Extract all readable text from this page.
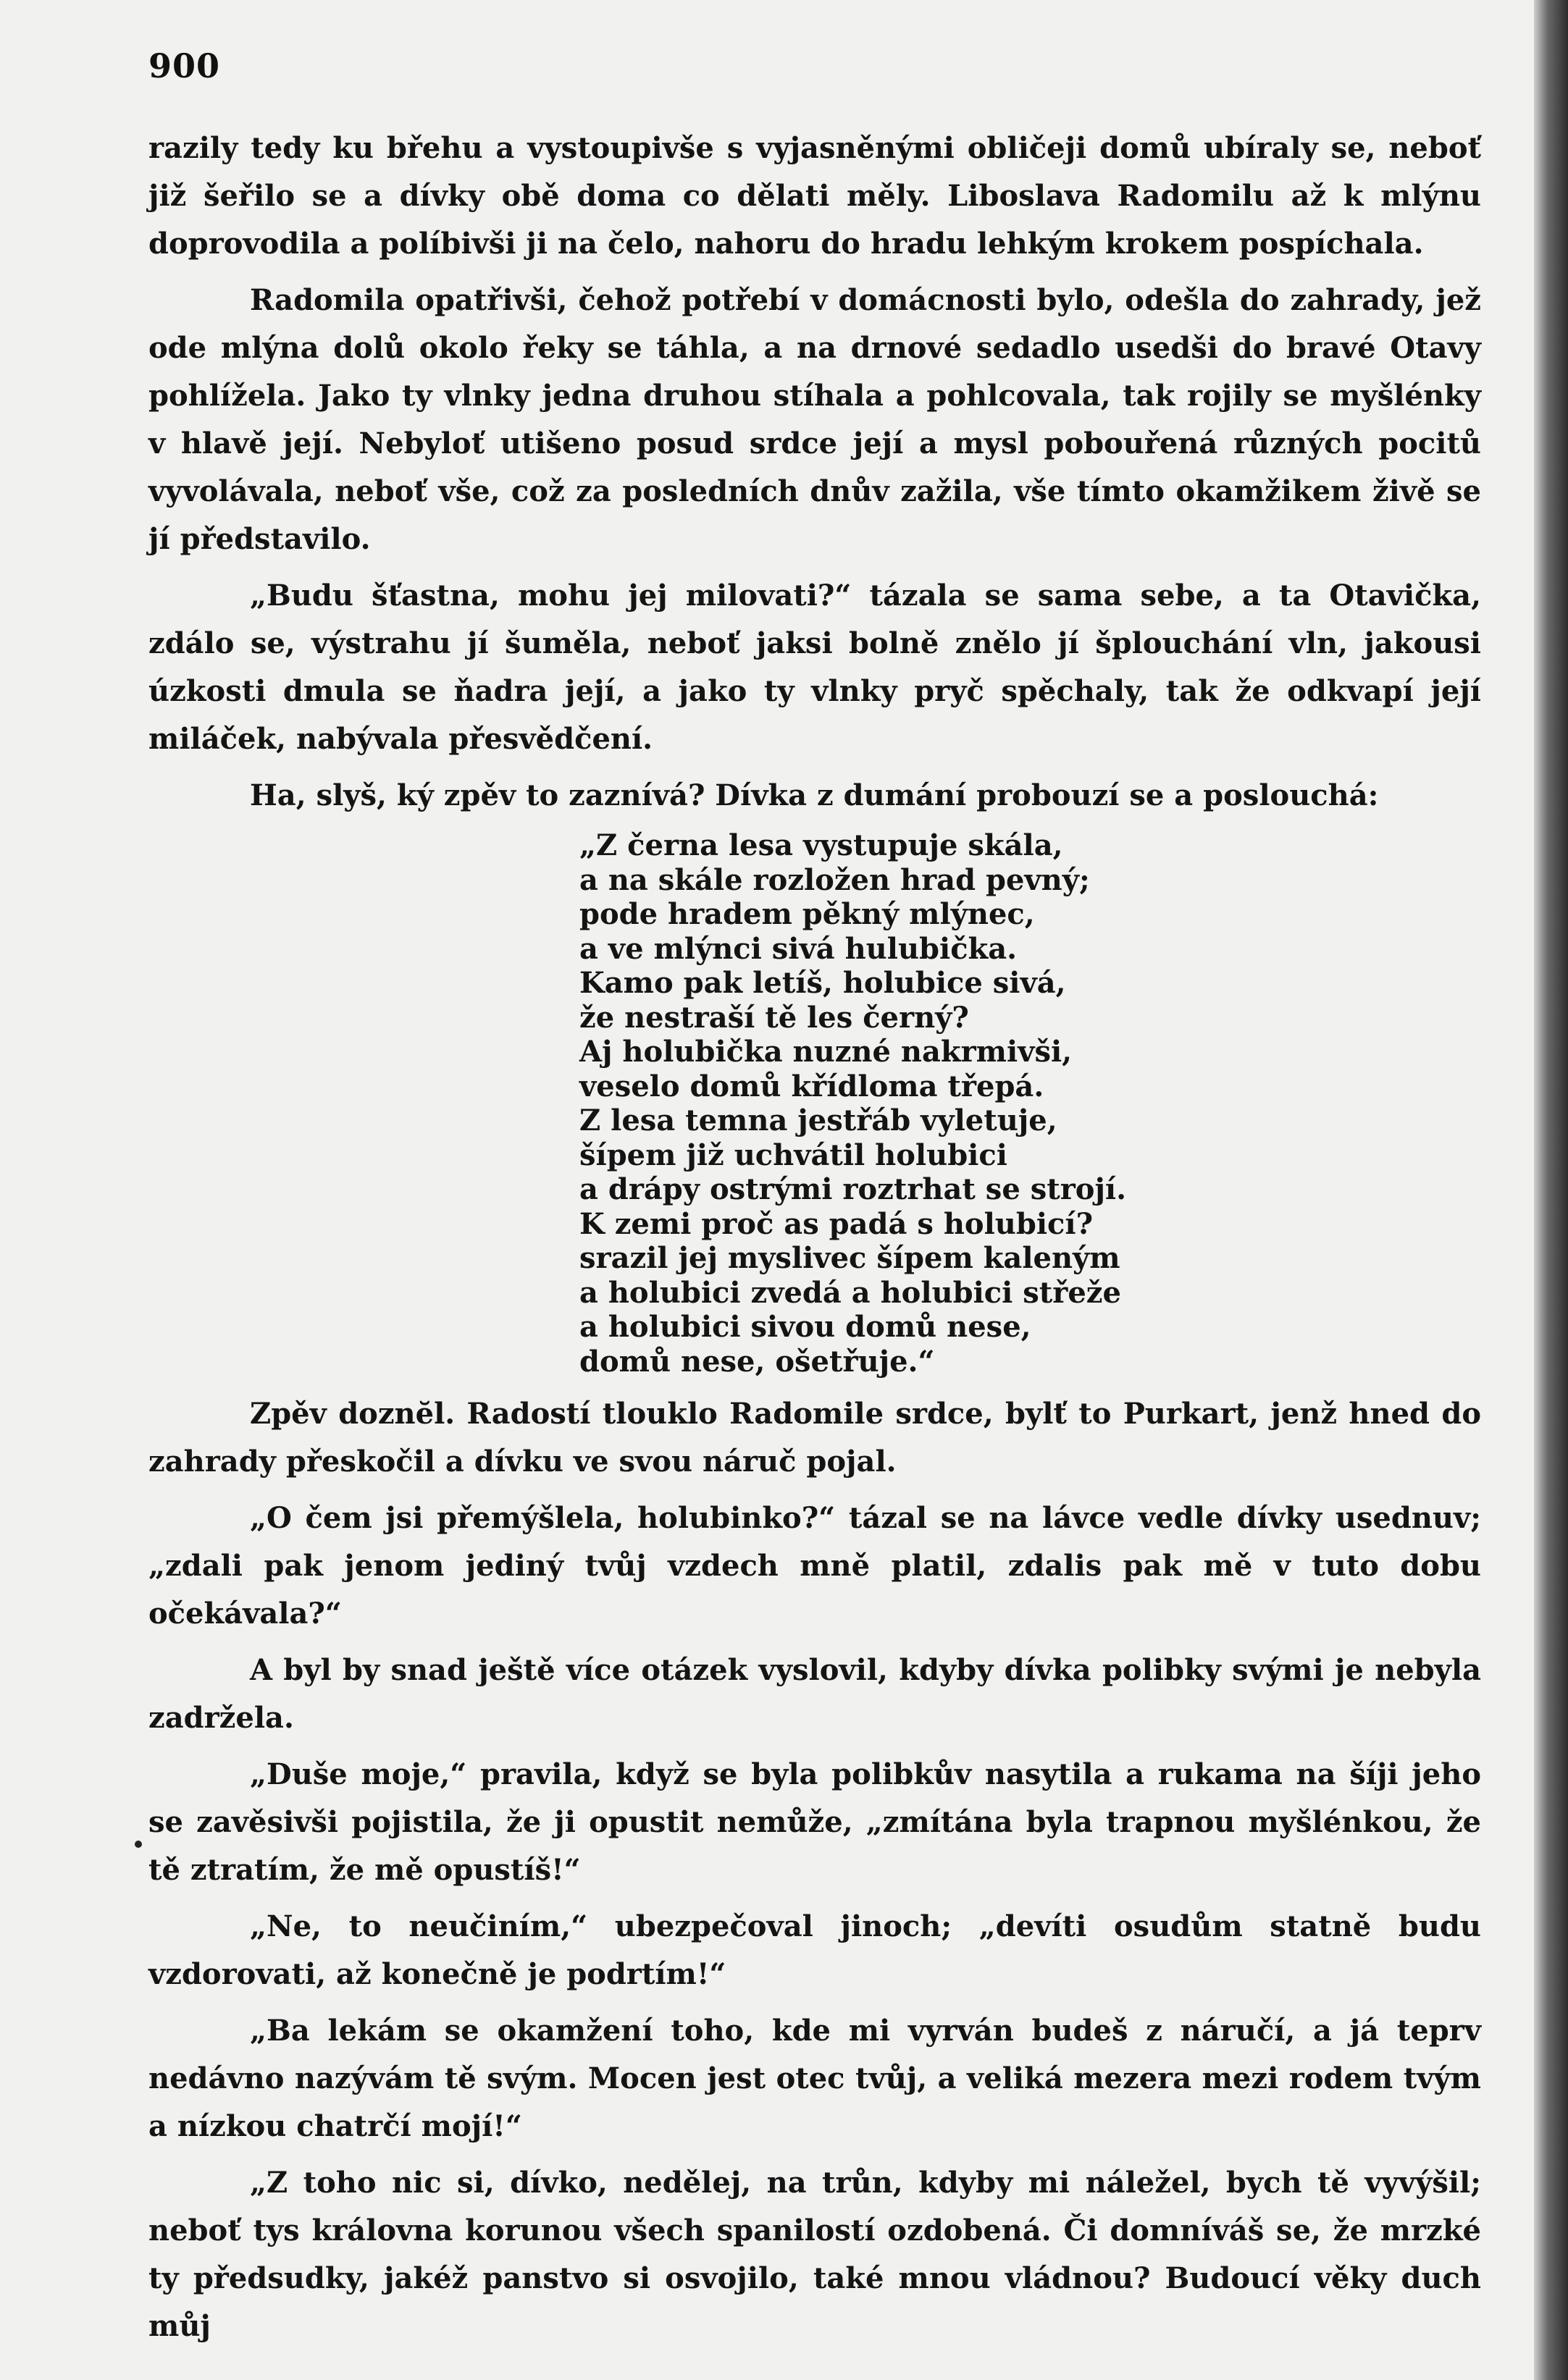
900

razily tedy ku břehu a vystoupivše s vyjasněnými obličeji domů ubíraly se, neboť již šeřilo se a dívky obě doma co dělati měly. Liboslava Radomilu až k mlýnu doprovodila a políbivši ji na čelo, nahoru do hradu lehkým krokem pospíchala.

Radomila opatřivši, čehož potřebí v domácnosti bylo, odešla do zahrady, jež ode mlýna dolů okolo řeky se táhla, a na drnové sedadlo usedši do bravé Otavy pohlížela. Jako ty vlnky jedna druhou stíhala a pohlcovala, tak rojily se myšlénky v hlavě její. Nebyloť utišeno posud srdce její a mysl pobouřená různých pocitů vyvolávala, neboť vše, což za posledních dnův zažila, vše tímto okamžikem živě se jí představilo.

„Budu šťastna, mohu jej milovati?“ tázala se sama sebe, a ta Otavička, zdálo se, výstrahu jí šuměla, neboť jaksi bolně znělo jí šplouchání vln, jakousi úzkosti dmula se ňadra její, a jako ty vlnky pryč spěchaly, tak že odkvapí její miláček, nabývala přesvědčení.

Ha, slyš, ký zpěv to zaznívá? Dívka z dumání probouzí se a poslouchá:

„Z černa lesa vystupuje skála,
a na skále rozložen hrad pevný;
pode hradem pěkný mlýnec,
a ve mlýnci sivá hulubička.
Kamo pak letíš, holubice sivá,
že nestraší tě les černý?
Aj holubička nuzné nakrmivši,
veselo domů křídloma třepá.
Z lesa temna jestřáb vyletuje,
šípem již uchvátil holubici
a drápy ostrými roztrhat se strojí.
K zemi proč as padá s holubicí?
srazil jej myslivec šípem kaleným
a holubici zvedá a holubici střeže
a holubici sivou domů nese,
domů nese, ošetřuje.“

Zpěv doznĕl. Radostí tlouklo Radomile srdce, bylť to Purkart, jenž hned do zahrady přeskočil a dívku ve svou náruč pojal.

„O čem jsi přemýšlela, holubinko?“ tázal se na lávce vedle dívky usednuv; „zdali pak jenom jediný tvůj vzdech mně platil, zdalis pak mě v tuto dobu očekávala?“

A byl by snad ještě více otázek vyslovil, kdyby dívka polibky svými je nebyla zadržela.

„Duše moje,“ pravila, když se byla polibkův nasytila a rukama na šíji jeho se zavěsivši pojistila, že ji opustit nemůže, „zmítána byla trapnou myšlénkou, že tě ztratím, že mě opustíš!“

„Ne, to neučiním,“ ubezpečoval jinoch; „devíti osudům statně budu vzdorovati, až konečně je podrtím!“

„Ba lekám se okamžení toho, kde mi vyrván budeš z náručí, a já teprv nedávno nazývám tě svým. Mocen jest otec tvůj, a veliká mezera mezi rodem tvým a nízkou chatrčí mojí!“

„Z toho nic si, dívko, nedělej, na trůn, kdyby mi náležel, bych tě vyvýšil; neboť tys královna korunou všech spanilostí ozdobená. Či domníváš se, že mrzké ty předsudky, jakéž panstvo si osvojilo, také mnou vládnou? Budoucí věky duch můj
